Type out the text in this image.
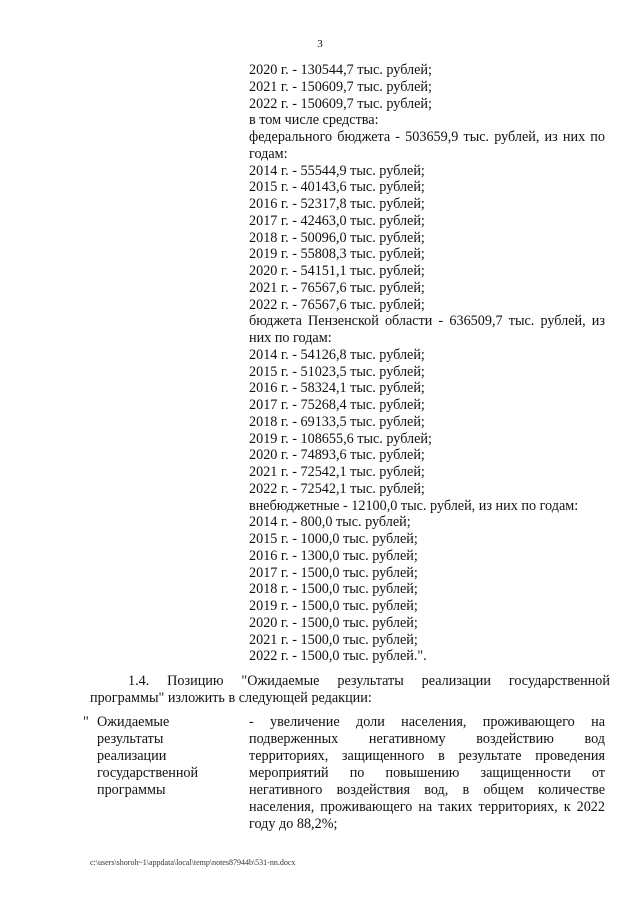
3
2020 г. - 130544,7 тыс. рублей;
2021 г. - 150609,7 тыс. рублей;
2022 г. - 150609,7 тыс. рублей;
в том числе средства:
федерального бюджета - 503659,9 тыс. рублей, из них по годам:
2014 г. - 55544,9 тыс. рублей;
2015 г. - 40143,6 тыс. рублей;
2016 г. - 52317,8 тыс. рублей;
2017 г. - 42463,0 тыс. рублей;
2018 г. - 50096,0 тыс. рублей;
2019 г. - 55808,3 тыс. рублей;
2020 г. - 54151,1 тыс. рублей;
2021 г. - 76567,6 тыс. рублей;
2022 г. - 76567,6 тыс. рублей;
бюджета Пензенской области - 636509,7 тыс. рублей, из них по годам:
2014 г. - 54126,8 тыс. рублей;
2015 г. - 51023,5 тыс. рублей;
2016 г. - 58324,1 тыс. рублей;
2017 г. - 75268,4 тыс. рублей;
2018 г. - 69133,5 тыс. рублей;
2019 г. - 108655,6 тыс. рублей;
2020 г. - 74893,6 тыс. рублей;
2021 г. - 72542,1 тыс. рублей;
2022 г. - 72542,1 тыс. рублей;
внебюджетные - 12100,0 тыс. рублей, из них по годам:
2014 г. - 800,0 тыс. рублей;
2015 г. - 1000,0 тыс. рублей;
2016 г. - 1300,0 тыс. рублей;
2017 г. - 1500,0 тыс. рублей;
2018 г. - 1500,0 тыс. рублей;
2019 г. - 1500,0 тыс. рублей;
2020 г. - 1500,0 тыс. рублей;
2021 г. - 1500,0 тыс. рублей;
2022 г. - 1500,0 тыс. рублей.".
1.4. Позицию "Ожидаемые результаты реализации государственной программы" изложить в следующей редакции:
" Ожидаемые
результаты
реализации
государственной
программы
- увеличение доли населения, проживающего на подверженных негативному воздействию вод территориях, защищенного в результате проведения мероприятий по повышению защищенности от негативного воздействия вод, в общем количестве населения, проживающего на таких территориях, к 2022 году до 88,2%;
c:\users\shoroh~1\appdata\local\temp\notes87944b\531-nn.docx
